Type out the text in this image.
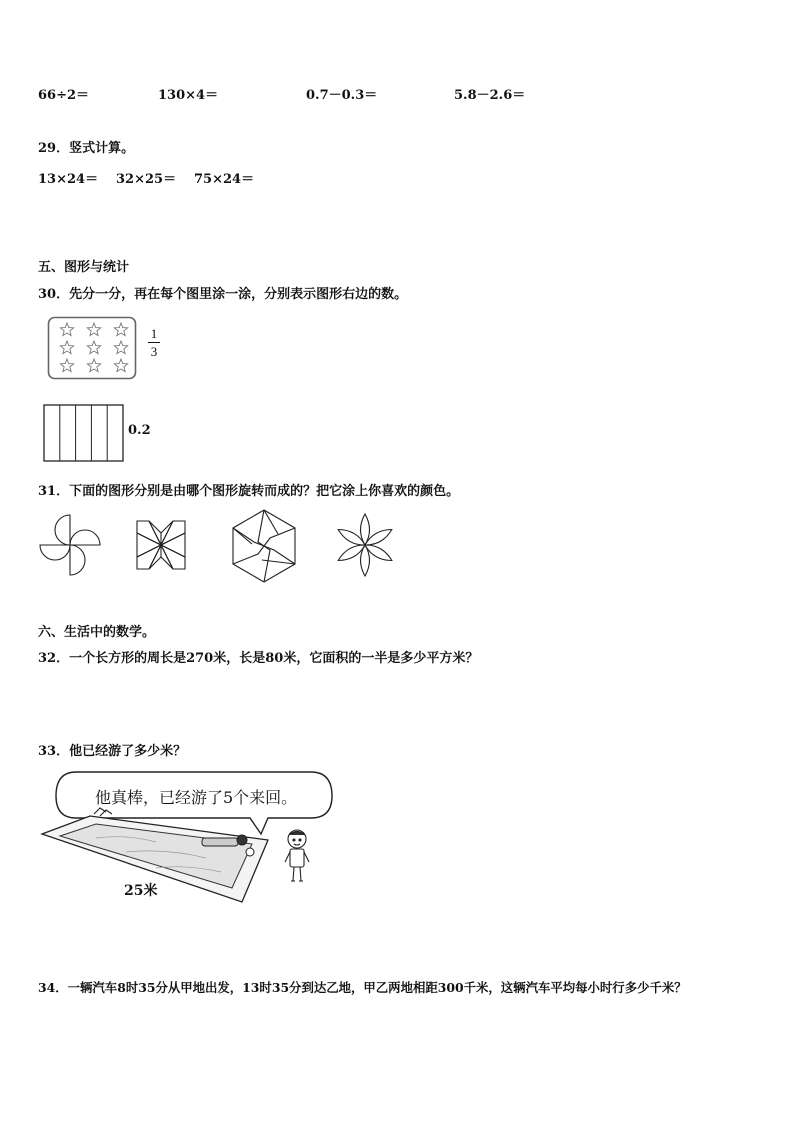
66÷2＝	130×4＝	0.7－0.3＝	5.8－2.6＝
29．竖式计算。
13×24＝ 32×25＝ 75×24＝
五、图形与统计
30．先分一分，再在每个图里涂一涂，分别表示图形右边的数。
1
3
0.2
31．下面的图形分别是由哪个图形旋转而成的？把它涂上你喜欢的颜色。
六、生活中的数学。
32．一个长方形的周长是270米，长是80米，它面积的一半是多少平方米？
33．他已经游了多少米？
他真棒，已经游了5个来回。
25米
34．一辆汽车8时35分从甲地出发，13时35分到达乙地，甲乙两地相距300千米，这辆汽车平均每小时行多少千米？
